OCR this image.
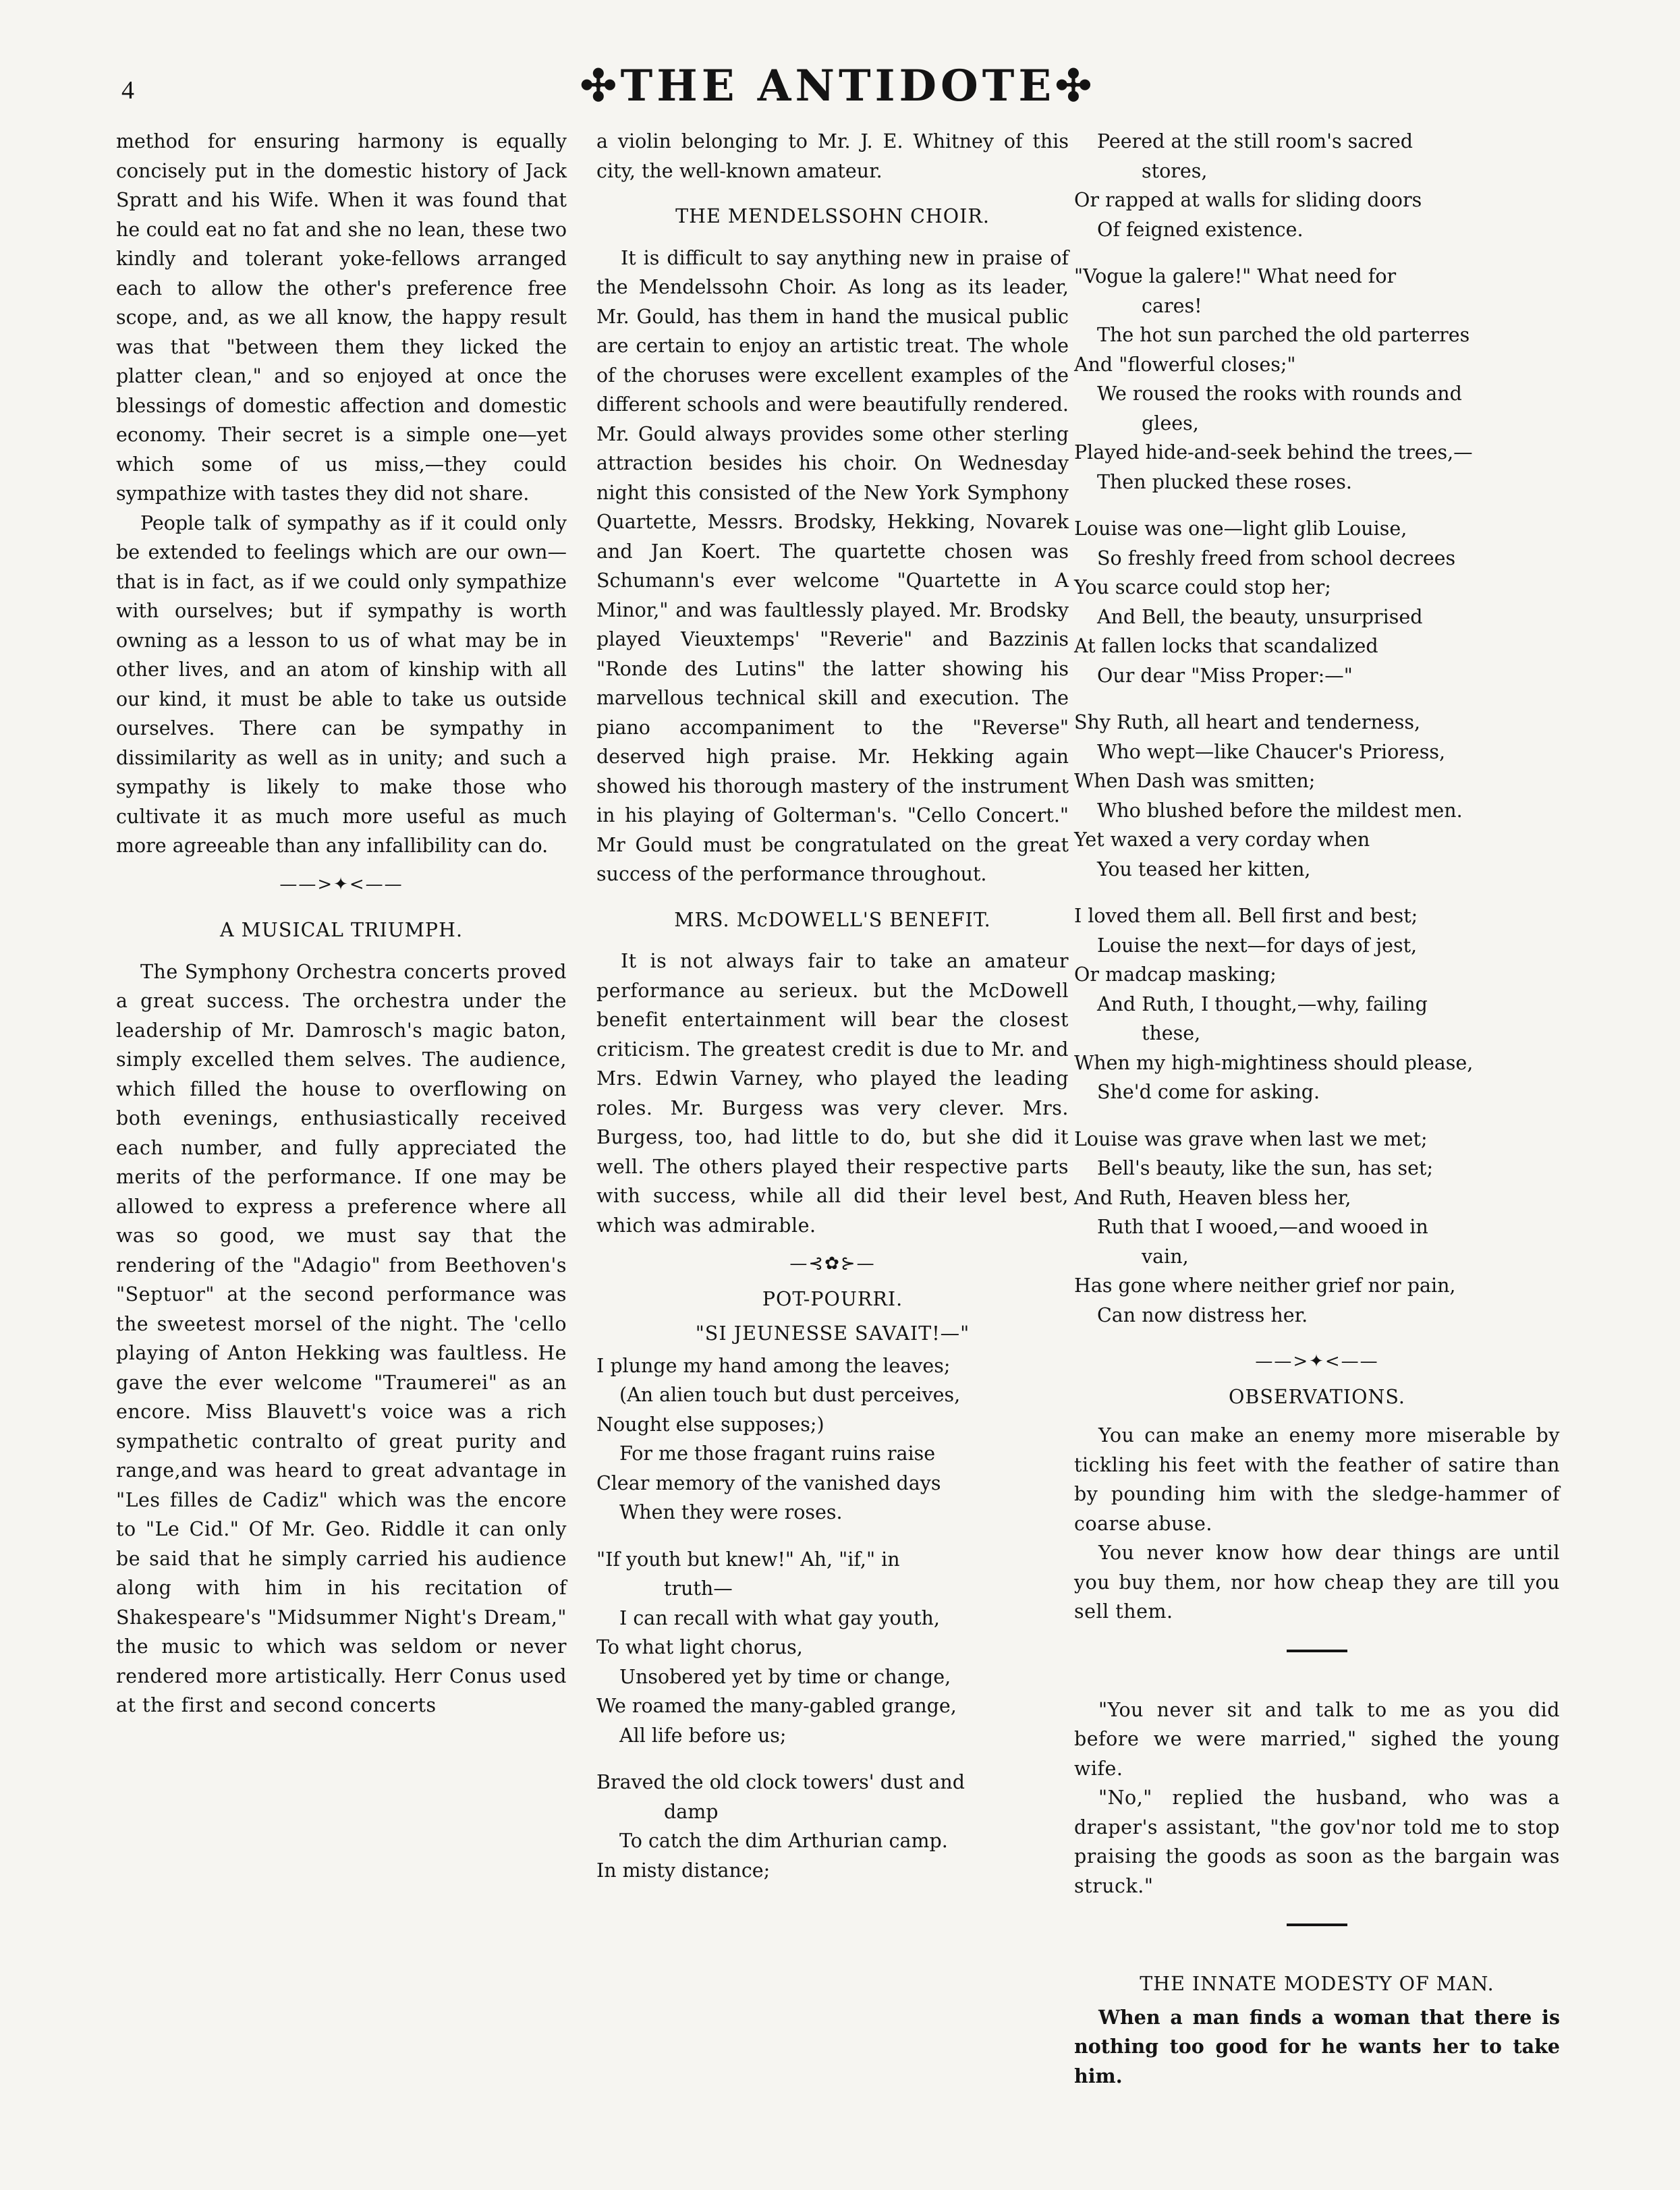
4	✣THE ANTIDOTE✣

method for ensuring harmony is equally concisely put in the domestic history of Jack Spratt and his Wife. When it was found that he could eat no fat and she no lean, these two kindly and tolerant yoke-fellows arranged each to allow the other's preference free scope, and, as we all know, the happy result was that "between them they licked the platter clean," and so enjoyed at once the blessings of domestic affection and domestic economy. Their secret is a simple one—yet which some of us miss,—they could sympathize with tastes they did not share.

People talk of sympathy as if it could only be extended to feelings which are our own—that is in fact, as if we could only sympathize with ourselves; but if sympathy is worth owning as a lesson to us of what may be in other lives, and an atom of kinship with all our kind, it must be able to take us outside ourselves. There can be sympathy in dissimilarity as well as in unity; and such a sympathy is likely to make those who cultivate it as much more useful as much more agreeable than any infallibility can do.

——>✦<——
A MUSICAL TRIUMPH.

The Symphony Orchestra concerts proved a great success. The orchestra under the leadership of Mr. Damrosch's magic baton, simply excelled them selves. The audience, which filled the house to overflowing on both evenings, enthusiastically received each number, and fully appreciated the merits of the performance. If one may be allowed to express a preference where all was so good, we must say that the rendering of the "Adagio" from Beethoven's "Septuor" at the second performance was the sweetest morsel of the night. The 'cello playing of Anton Hekking was faultless. He gave the ever welcome "Traumerei" as an encore. Miss Blauvett's voice was a rich sympathetic contralto of great purity and range,and was heard to great advantage in "Les filles de Cadiz" which was the encore to "Le Cid." Of Mr. Geo. Riddle it can only be said that he simply carried his audience along with him in his recitation of Shakespeare's "Midsummer Night's Dream," the music to which was seldom or never rendered more artistically. Herr Conus used at the first and second concerts

a violin belonging to Mr. J. E. Whitney of this city, the well-known amateur.

THE MENDELSSOHN CHOIR.

It is difficult to say anything new in praise of the Mendelssohn Choir. As long as its leader, Mr. Gould, has them in hand the musical public are certain to enjoy an artistic treat. The whole of the choruses were excellent examples of the different schools and were beautifully rendered. Mr. Gould always provides some other sterling attraction besides his choir. On Wednesday night this consisted of the New York Symphony Quartette, Messrs. Brodsky, Hekking, Novarek and Jan Koert. The quartette chosen was Schumann's ever welcome "Quartette in A Minor," and was faultlessly played. Mr. Brodsky played Vieuxtemps' "Reverie" and Bazzinis "Ronde des Lutins" the latter showing his marvellous technical skill and execution. The piano accompaniment to the "Reverse" deserved high praise. Mr. Hekking again showed his thorough mastery of the instrument in his playing of Golterman's. "Cello Concert." Mr Gould must be congratulated on the great success of the performance throughout.

MRS. McDOWELL'S BENEFIT.

It is not always fair to take an amateur performance au serieux. but the McDowell benefit entertainment will bear the closest criticism. The greatest credit is due to Mr. and Mrs. Edwin Varney, who played the leading roles. Mr. Burgess was very clever. Mrs. Burgess, too, had little to do, but she did it well. The others played their respective parts with success, while all did their level best, which was admirable.

—⊰✿⊱—
POT-POURRI.
"SI JEUNESSE SAVAIT!—"
I plunge my hand among the leaves;
(An alien touch but dust perceives,
Nought else supposes;)
For me those fragant ruins raise
Clear memory of the vanished days
When they were roses.
"If youth but knew!" Ah, "if," in
truth—
I can recall with what gay youth,
To what light chorus,
Unsobered yet by time or change,
We roamed the many-gabled grange,
All life before us;
Braved the old clock towers' dust and
damp
To catch the dim Arthurian camp.
In misty distance;
Peered at the still room's sacred
stores,
Or rapped at walls for sliding doors
Of feigned existence.
"Vogue la galere!" What need for
cares!
The hot sun parched the old parterres
And "flowerful closes;"
We roused the rooks with rounds and
glees,
Played hide-and-seek behind the trees,—
Then plucked these roses.
Louise was one—light glib Louise,
So freshly freed from school decrees
You scarce could stop her;
And Bell, the beauty, unsurprised
At fallen locks that scandalized
Our dear "Miss Proper:—"
Shy Ruth, all heart and tenderness,
Who wept—like Chaucer's Prioress,
When Dash was smitten;
Who blushed before the mildest men.
Yet waxed a very corday when
You teased her kitten,
I loved them all. Bell first and best;
Louise the next—for days of jest,
Or madcap masking;
And Ruth, I thought,—why, failing
these,
When my high-mightiness should please,
She'd come for asking.
Louise was grave when last we met;
Bell's beauty, like the sun, has set;
And Ruth, Heaven bless her,
Ruth that I wooed,—and wooed in
vain,
Has gone where neither grief nor pain,
Can now distress her.
——>✦<——
OBSERVATIONS.

You can make an enemy more miserable by tickling his feet with the feather of satire than by pounding him with the sledge-hammer of coarse abuse.

You never know how dear things are until you buy them, nor how cheap they are till you sell them.

"You never sit and talk to me as you did before we were married," sighed the young wife.

"No," replied the husband, who was a draper's assistant, "the gov'nor told me to stop praising the goods as soon as the bargain was struck."

THE INNATE MODESTY OF MAN.

When a man finds a woman that there is nothing too good for he wants her to take him.
